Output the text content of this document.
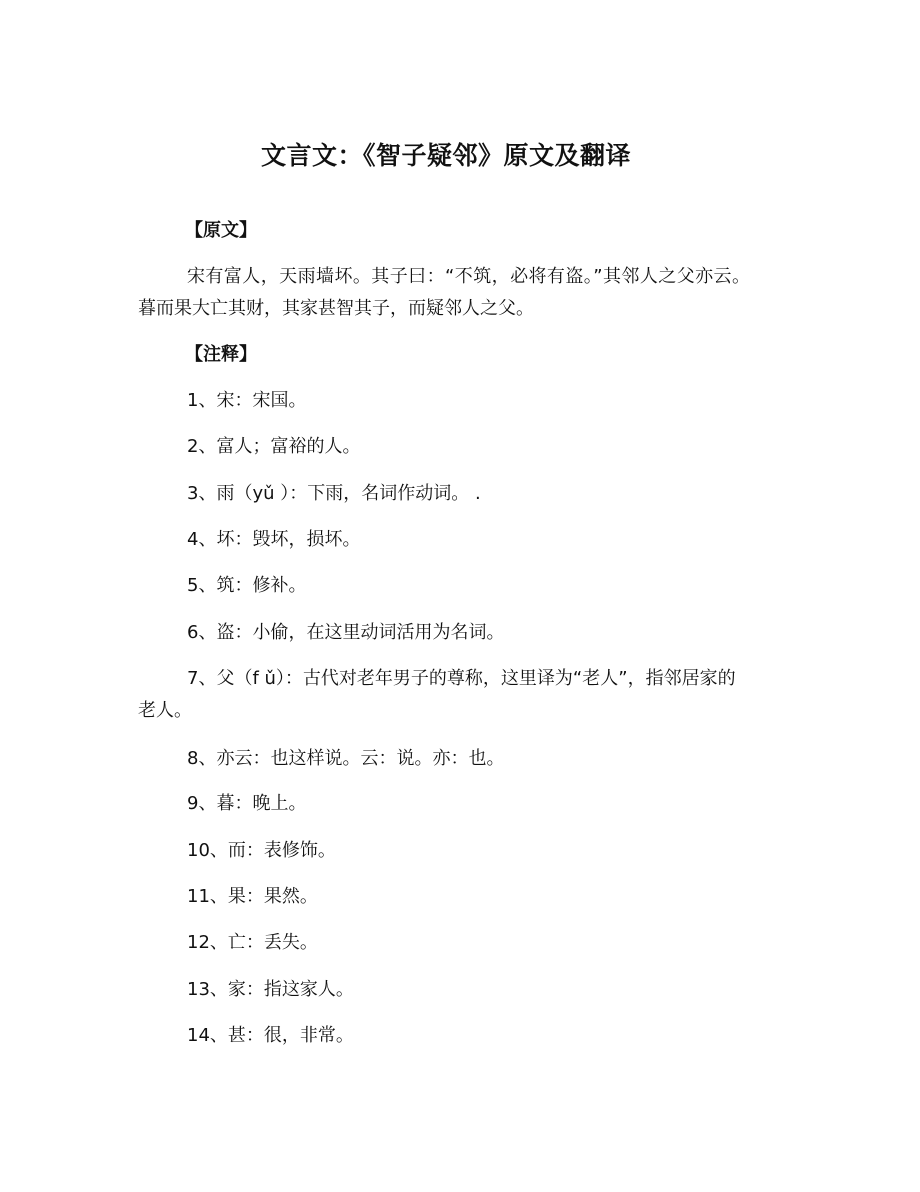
文言文：《智子疑邻》原文及翻译
【原文】

宋有富人，天雨墙坏。其子曰：“不筑，必将有盗。”其邻人之父亦云。暮而果大亡其财，其家甚智其子，而疑邻人之父。

【注释】
1、宋：宋国。
2、富人；富裕的人。
3、雨（yǔ ）：下雨，名词作动词。 .
4、坏：毁坏，损坏。
5、筑：修补。
6、盗：小偷，在这里动词活用为名词。
7、父（f ǔ）：古代对老年男子的尊称，这里译为“老人”，指邻居家的老人。
8、亦云：也这样说。云：说。亦：也。
9、暮：晚上。
10、而：表修饰。
11、果：果然。
12、亡：丢失。
13、家：指这家人。
14、甚：很，非常。
